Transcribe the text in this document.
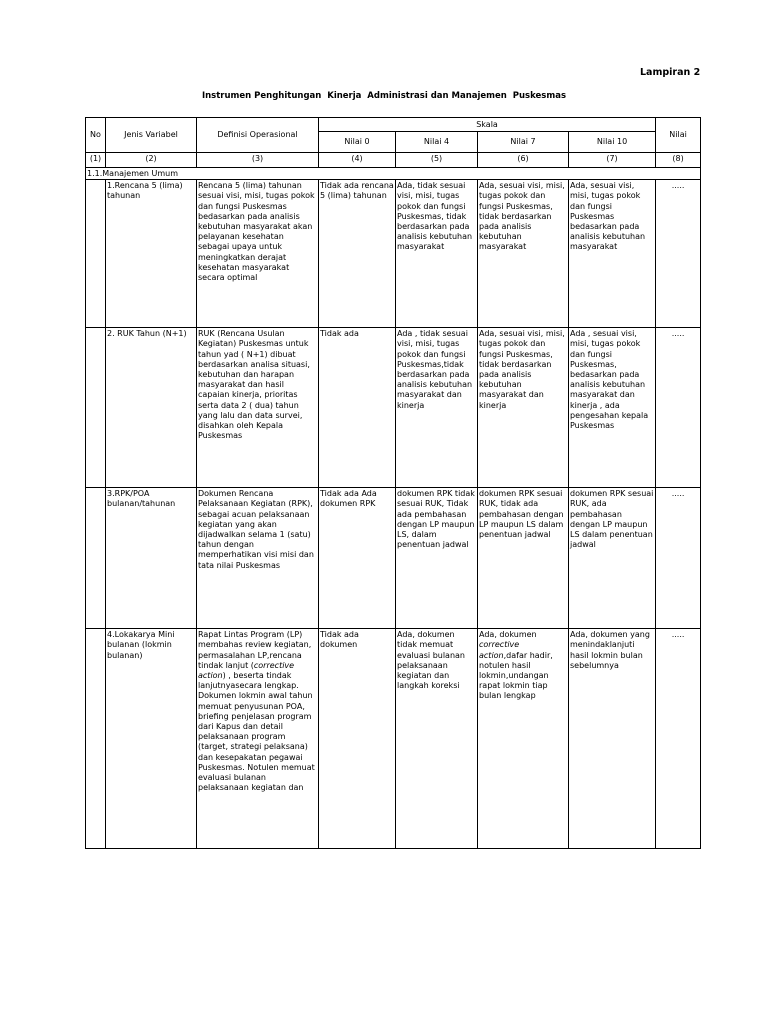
Lampiran 2
Instrumen Penghitungan  Kinerja  Administrasi dan Manajemen  Puskesmas
No	Jenis Variabel	Definisi Operasional	Skala				Nilai
			Nilai 0	Nilai 4	Nilai 7	Nilai 10	
(1)	(2)	(3)	(4)	(5)	(6)	(7)	(8)
1.1.Manajemen Umum							
	1.Rencana 5 (lima) tahunan	Rencana 5 (lima) tahunan sesuai visi, misi, tugas pokok dan fungsi Puskesmas bedasarkan pada analisis kebutuhan masyarakat akan pelayanan kesehatan sebagai upaya untuk meningkatkan derajat kesehatan masyarakat secara optimal	Tidak ada rencana 5 (lima) tahunan	Ada, tidak sesuai visi, misi, tugas pokok dan fungsi Puskesmas, tidak berdasarkan pada analisis kebutuhan masyarakat	Ada, sesuai visi, misi, tugas pokok dan fungsi Puskesmas, tidak berdasarkan pada analisis kebutuhan masyarakat	Ada, sesuai visi, misi, tugas pokok dan fungsi Puskesmas bedasarkan pada analisis kebutuhan masyarakat	.....
	2. RUK Tahun (N+1)	RUK (Rencana Usulan Kegiatan) Puskesmas untuk tahun yad ( N+1) dibuat berdasarkan analisa situasi, kebutuhan dan harapan masyarakat dan hasil capaian kinerja, prioritas serta data 2 ( dua) tahun yang lalu dan data survei, disahkan oleh Kepala Puskesmas	Tidak ada	Ada , tidak sesuai visi, misi, tugas pokok dan fungsi Puskesmas,tidak berdasarkan pada analisis kebutuhan masyarakat dan kinerja	Ada, sesuai visi, misi, tugas pokok dan fungsi Puskesmas, tidak berdasarkan pada analisis kebutuhan masyarakat dan kinerja	Ada , sesuai visi, misi, tugas pokok dan fungsi Puskesmas, bedasarkan pada analisis kebutuhan masyarakat dan kinerja , ada pengesahan kepala Puskesmas	.....
	3.RPK/POA bulanan/tahunan	Dokumen Rencana Pelaksanaan Kegiatan (RPK), sebagai acuan pelaksanaan kegiatan yang akan dijadwalkan selama 1 (satu) tahun dengan memperhatikan visi misi dan tata nilai Puskesmas	Tidak ada Ada dokumen RPK	dokumen RPK tidak sesuai RUK, Tidak ada pembahasan dengan LP maupun LS, dalam penentuan jadwal	dokumen RPK sesuai RUK, tidak ada pembahasan dengan LP maupun LS dalam penentuan jadwal	dokumen RPK sesuai RUK, ada pembahasan dengan LP maupun LS dalam penentuan jadwal	.....
	4.Lokakarya Mini bulanan (lokmin bulanan)	Rapat Lintas Program (LP) membahas review kegiatan, permasalahan LP,rencana tindak lanjut (corrective action) , beserta tindak lanjutnyasecara lengkap. Dokumen lokmin awal tahun memuat penyusunan POA, briefing penjelasan program dari Kapus dan detail pelaksanaan program (target, strategi pelaksana) dan kesepakatan pegawai Puskesmas. Notulen memuat evaluasi bulanan pelaksanaan kegiatan dan	Tidak ada dokumen	Ada, dokumen tidak memuat evaluasi bulanan pelaksanaan kegiatan dan langkah koreksi	Ada, dokumen corrective action,dafar hadir, notulen hasil lokmin,undangan rapat lokmin tiap bulan lengkap	Ada, dokumen yang menindaklanjuti hasil lokmin bulan sebelumnya	.....
